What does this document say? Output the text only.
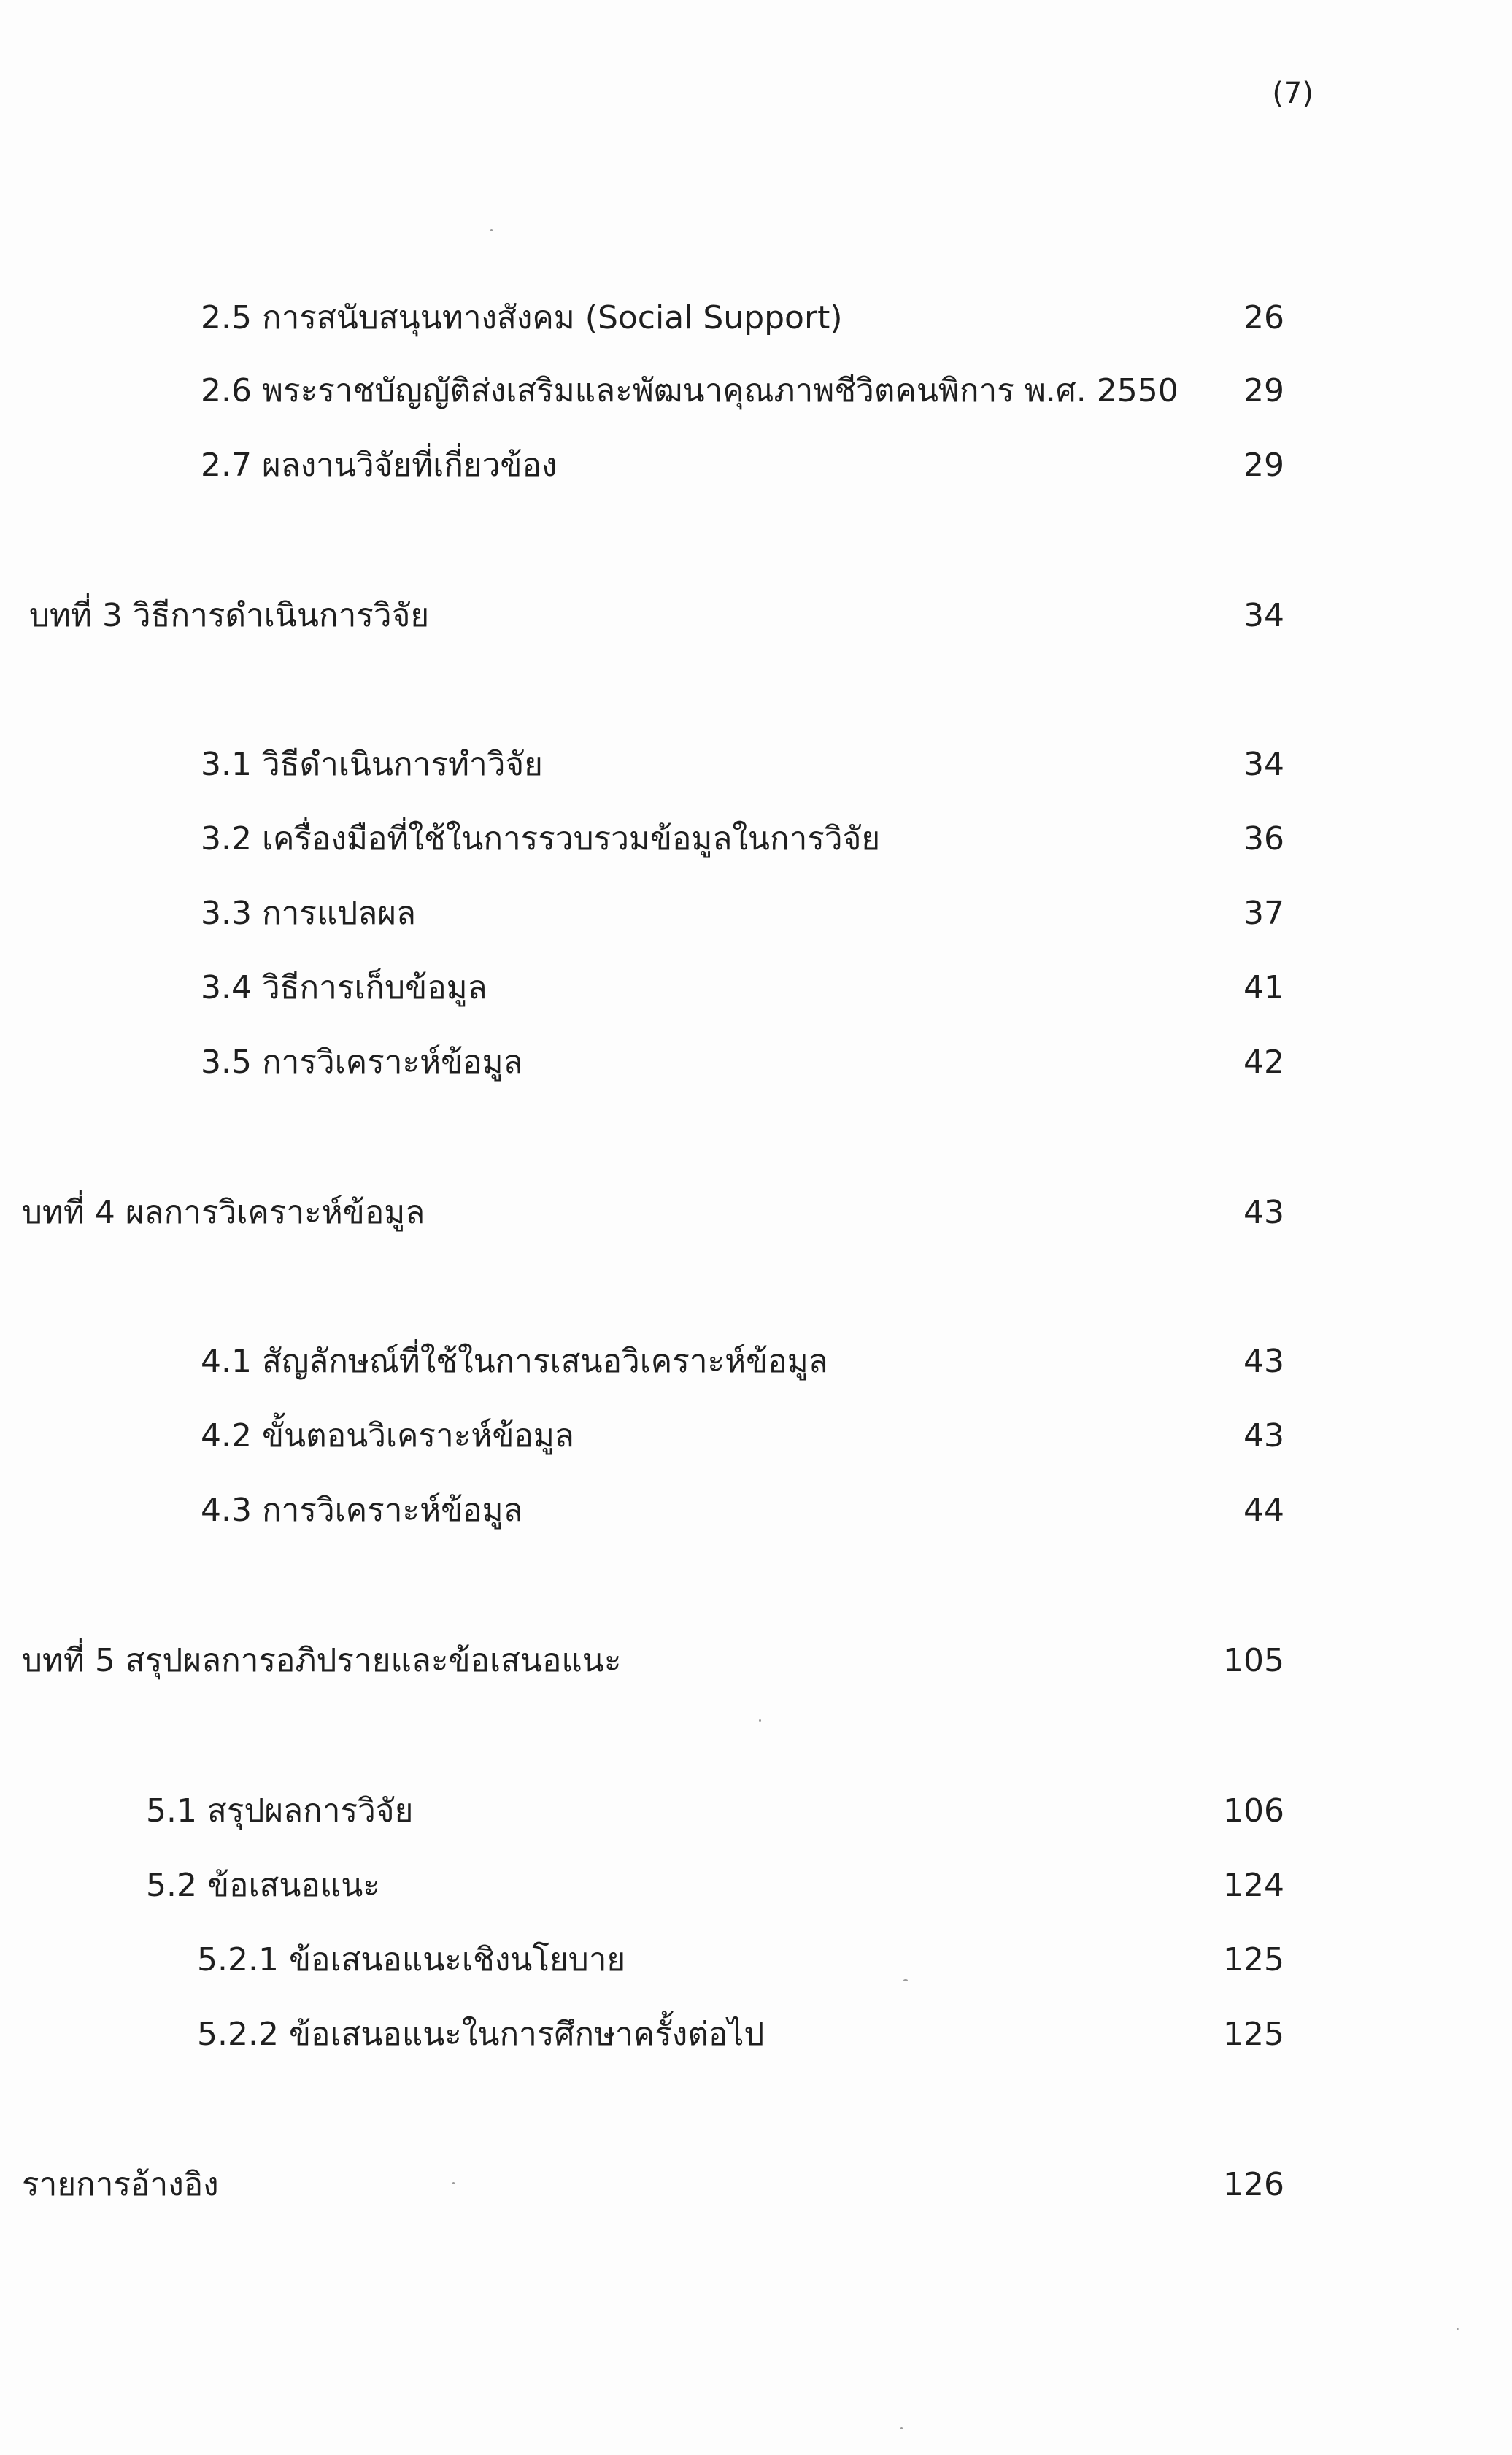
(7)
2.5 การสนับสนุนทางสังคม (Social Support)	26
2.6 พระราชบัญญัติส่งเสริมและพัฒนาคุณภาพชีวิตคนพิการ พ.ศ. 2550	29
2.7 ผลงานวิจัยที่เกี่ยวข้อง	29
บทที่ 3 วิธีการดำเนินการวิจัย	34
3.1 วิธีดำเนินการทำวิจัย	34
3.2 เครื่องมือที่ใช้ในการรวบรวมข้อมูลในการวิจัย	36
3.3 การแปลผล	37
3.4 วิธีการเก็บข้อมูล	41
3.5 การวิเคราะห์ข้อมูล	42
บทที่ 4 ผลการวิเคราะห์ข้อมูล	43
4.1 สัญลักษณ์ที่ใช้ในการเสนอวิเคราะห์ข้อมูล	43
4.2 ขั้นตอนวิเคราะห์ข้อมูล	43
4.3 การวิเคราะห์ข้อมูล	44
บทที่ 5 สรุปผลการอภิปรายและข้อเสนอแนะ	105
5.1 สรุปผลการวิจัย	106
5.2 ข้อเสนอแนะ	124
5.2.1 ข้อเสนอแนะเชิงนโยบาย	125
5.2.2 ข้อเสนอแนะในการศึกษาครั้งต่อไป	125
รายการอ้างอิง	126
